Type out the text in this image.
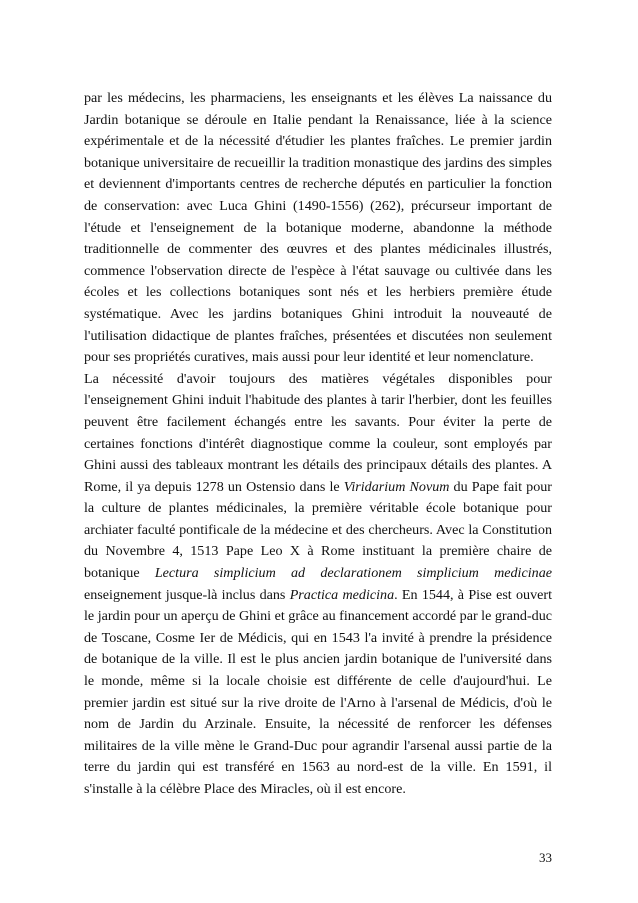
par les médecins, les pharmaciens, les enseignants et les élèves La naissance du Jardin botanique se déroule en Italie pendant la Renaissance, liée à la science expérimentale et de la nécessité d'étudier les plantes fraîches. Le premier jardin botanique universitaire de recueillir la tradition monastique des jardins des simples et deviennent d'importants centres de recherche députés en particulier la fonction de conservation: avec Luca Ghini (1490-1556) (262), précurseur important de l'étude et l'enseignement de la botanique moderne, abandonne la méthode traditionnelle de commenter des œuvres et des plantes médicinales illustrés, commence l'observation directe de l'espèce à l'état sauvage ou cultivée dans les écoles et les collections botaniques sont nés et les herbiers première étude systématique. Avec les jardins botaniques Ghini introduit la nouveauté de l'utilisation didactique de plantes fraîches, présentées et discutées non seulement pour ses propriétés curatives, mais aussi pour leur identité et leur nomenclature.

La nécessité d'avoir toujours des matières végétales disponibles pour l'enseignement Ghini induit l'habitude des plantes à tarir l'herbier, dont les feuilles peuvent être facilement échangés entre les savants. Pour éviter la perte de certaines fonctions d'intérêt diagnostique comme la couleur, sont employés par Ghini aussi des tableaux montrant les détails des principaux détails des plantes. A Rome, il ya depuis 1278 un Ostensio dans le Viridarium Novum du Pape fait pour la culture de plantes médicinales, la première véritable école botanique pour archiater faculté pontificale de la médecine et des chercheurs. Avec la Constitution du Novembre 4, 1513 Pape Leo X à Rome instituant la première chaire de botanique Lectura simplicium ad declarationem simplicium medicinae enseignement jusque-là inclus dans Practica medicina. En 1544, à Pise est ouvert le jardin pour un aperçu de Ghini et grâce au financement accordé par le grand-duc de Toscane, Cosme Ier de Médicis, qui en 1543 l'a invité à prendre la présidence de botanique de la ville. Il est le plus ancien jardin botanique de l'université dans le monde, même si la locale choisie est différente de celle d'aujourd'hui. Le premier jardin est situé sur la rive droite de l'Arno à l'arsenal de Médicis, d'où le nom de Jardin du Arzinale. Ensuite, la nécessité de renforcer les défenses militaires de la ville mène le Grand-Duc pour agrandir l'arsenal aussi partie de la terre du jardin qui est transféré en 1563 au nord-est de la ville. En 1591, il s'installe à la célèbre Place des Miracles, où il est encore.

33
